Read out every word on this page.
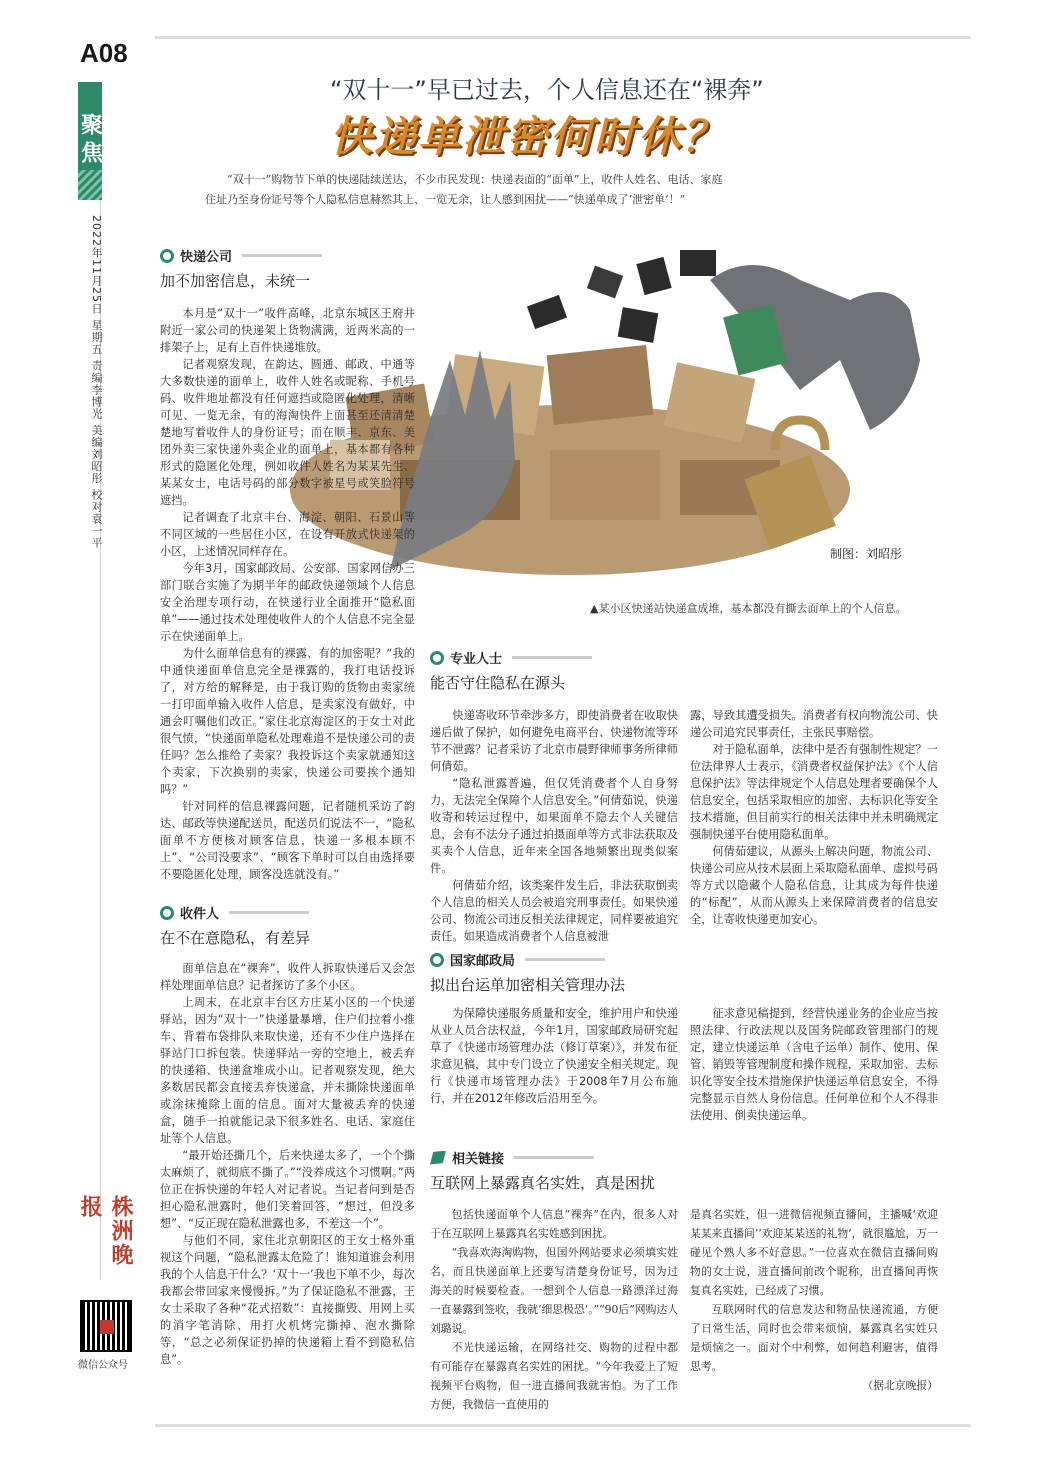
A08
聚焦
2022年11月25日 星期五 责编李博光 美编刘昭彤 校对袁一平
株洲晚报
微信公众号
“双十一”早已过去，个人信息还在“裸奔”
快递单泄密何时休？
“双十一”购物节下单的快递陆续送达，不少市民发现：快递表面的“面单”上，收件人姓名、电话、家庭住址乃至身份证号等个人隐私信息赫然其上、一览无余，让人感到困扰——“快递单成了‘泄密单’！”
制图：刘昭彤
▲某小区快递站快递盒成堆，基本都没有撕去面单上的个人信息。
快递公司
加不加密信息，未统一

本月是“双十一”收件高峰，北京东城区王府井附近一家公司的快递架上货物满满，近两米高的一排架子上，足有上百件快递堆放。

记者观察发现，在韵达、圆通、邮政、中通等大多数快递的面单上，收件人姓名或昵称、手机号码、收件地址都没有任何遮挡或隐匿化处理，清晰可见、一览无余，有的海淘快件上面甚至还清清楚楚地写着收件人的身份证号；而在顺丰、京东、美团外卖三家快递外卖企业的面单上，基本都有各种形式的隐匿化处理，例如收件人姓名为某某先生、某某女士，电话号码的部分数字被星号或笑脸符号遮挡。

记者调查了北京丰台、海淀、朝阳、石景山等不同区域的一些居住小区，在设有开放式快递架的小区，上述情况同样存在。

今年3月，国家邮政局、公安部、国家网信办三部门联合实施了为期半年的邮政快递领域个人信息安全治理专项行动，在快递行业全面推开“隐私面单”——通过技术处理使收件人的个人信息不完全显示在快递面单上。

为什么面单信息有的裸露、有的加密呢？“我的中通快递面单信息完全是裸露的，我打电话投诉了，对方给的解释是，由于我订购的货物由卖家统一打印面单输入收件人信息，是卖家没有做好，中通会叮嘱他们改正。”家住北京海淀区的于女士对此很气愤，“快递面单隐私处理难道不是快递公司的责任吗？怎么推给了卖家？我投诉这个卖家就通知这个卖家，下次换别的卖家，快递公司要挨个通知吗？”

针对同样的信息裸露问题，记者随机采访了韵达、邮政等快递配送员，配送员们说法不一，“隐私面单不方便核对顾客信息，快递一多根本顾不上”、“公司没要求”、“顾客下单时可以自由选择要不要隐匿化处理，顾客没选就没有。”

收件人
在不在意隐私，有差异

面单信息在“裸奔”，收件人拆取快递后又会怎样处理面单信息？记者探访了多个小区。

上周末，在北京丰台区方庄某小区的一个快递驿站，因为“双十一”快递量暴增，住户们拉着小推车、背着布袋排队来取快递，还有不少住户选择在驿站门口拆包装。快递驿站一旁的空地上，被丢弃的快递箱、快递盒堆成小山。记者观察发现，绝大多数居民都会直接丢弃快递盒，并未撕除快递面单或涂抹掩除上面的信息。面对大量被丢弃的快递盒，随手一拍就能记录下很多姓名、电话、家庭住址等个人信息。

“最开始还撕几个，后来快递太多了，一个个撕太麻烦了，就彻底不撕了。”“没养成这个习惯啊。”两位正在拆快递的年轻人对记者说。当记者问到是否担心隐私泄露时，他们笑着回答，“想过，但没多想”、“反正现在隐私泄露也多，不差这一个”。

与他们不同，家住北京朝阳区的王女士格外重视这个问题，“隐私泄露太危险了！谁知道谁会利用我的个人信息干什么？‘双十一’我也下单不少，每次我都会带回家来慢慢拆。”为了保证隐私不泄露，王女士采取了各种“花式招数”：直接撕毁、用网上买的消字笔消除、用打火机烤完撕掉、泡水撕除等，“总之必须保证扔掉的快递箱上看不到隐私信息”。

专业人士
能否守住隐私在源头

快递寄收环节牵涉多方，即使消费者在收取快递后做了保护，如何避免电商平台、快递物流等环节不泄露？记者采访了北京市晨野律师事务所律师何倩茹。

“隐私泄露普遍，但仅凭消费者个人自身努力，无法完全保障个人信息安全。”何倩茹说，快递收寄和转运过程中，如果面单不隐去个人关键信息，会有不法分子通过拍摄面单等方式非法获取及买卖个人信息，近年来全国各地频繁出现类似案件。

何倩茹介绍，该类案件发生后，非法获取倒卖个人信息的相关人员会被追究刑事责任。如果快递公司、物流公司违反相关法律规定，同样要被追究责任。如果造成消费者个人信息被泄

露，导致其遭受损失。消费者有权向物流公司、快递公司追究民事责任，主张民事赔偿。

对于隐私面单，法律中是否有强制性规定？一位法律界人士表示，《消费者权益保护法》《个人信息保护法》等法律规定个人信息处理者要确保个人信息安全，包括采取相应的加密、去标识化等安全技术措施，但目前实行的相关法律中并未明确规定强制快递平台使用隐私面单。

何倩茹建议，从源头上解决问题，物流公司、快递公司应从技术层面上采取隐私面单、虚拟号码等方式以隐藏个人隐私信息，让其成为每件快递的“标配”，从而从源头上来保障消费者的信息安全，让寄收快递更加安心。

国家邮政局
拟出台运单加密相关管理办法

为保障快递服务质量和安全，维护用户和快递从业人员合法权益，今年1月，国家邮政局研究起草了《快递市场管理办法（修订草案）》，并发布征求意见稿，其中专门设立了快递安全相关规定。现行《快递市场管理办法》于2008年7月公布施行，并在2012年修改后沿用至今。

征求意见稿提到，经营快递业务的企业应当按照法律、行政法规以及国务院邮政管理部门的规定，建立快递运单（含电子运单）制作、使用、保管、销毁等管理制度和操作规程，采取加密、去标识化等安全技术措施保护快递运单信息安全，不得完整显示自然人身份信息。任何单位和个人不得非法使用、倒卖快递运单。

相关链接
互联网上暴露真名实姓，真是困扰

包括快递面单个人信息“裸奔”在内，很多人对于在互联网上暴露真名实姓感到困扰。

“我喜欢海淘购物，但国外网站要求必须填实姓名，而且快递面单上还要写清楚身份证号，因为过海关的时候要检查。一想到个人信息一路漂洋过海一直暴露到签收，我就‘细思极恐’。”“90后”网购达人刘璐说。

不光快递运输，在网络社交、购物的过程中都有可能存在暴露真名实姓的困扰。“今年我爱上了短视频平台购物，但一进直播间我就害怕。为了工作方便，我微信一直使用的

是真名实姓，但一进微信视频直播间，主播喊‘欢迎某某来直播间’‘欢迎某某送的礼物’，就很尴尬，万一碰见个熟人多不好意思。”一位喜欢在微信直播间购物的女士说，进直播间前改个昵称，出直播间再恢复真名实姓，已经成了习惯。

互联网时代的信息发达和物品快递流通，方便了日常生活，同时也会带来烦恼，暴露真名实姓只是烦恼之一。面对个中利弊，如何趋利避害，值得思考。

（据北京晚报）
